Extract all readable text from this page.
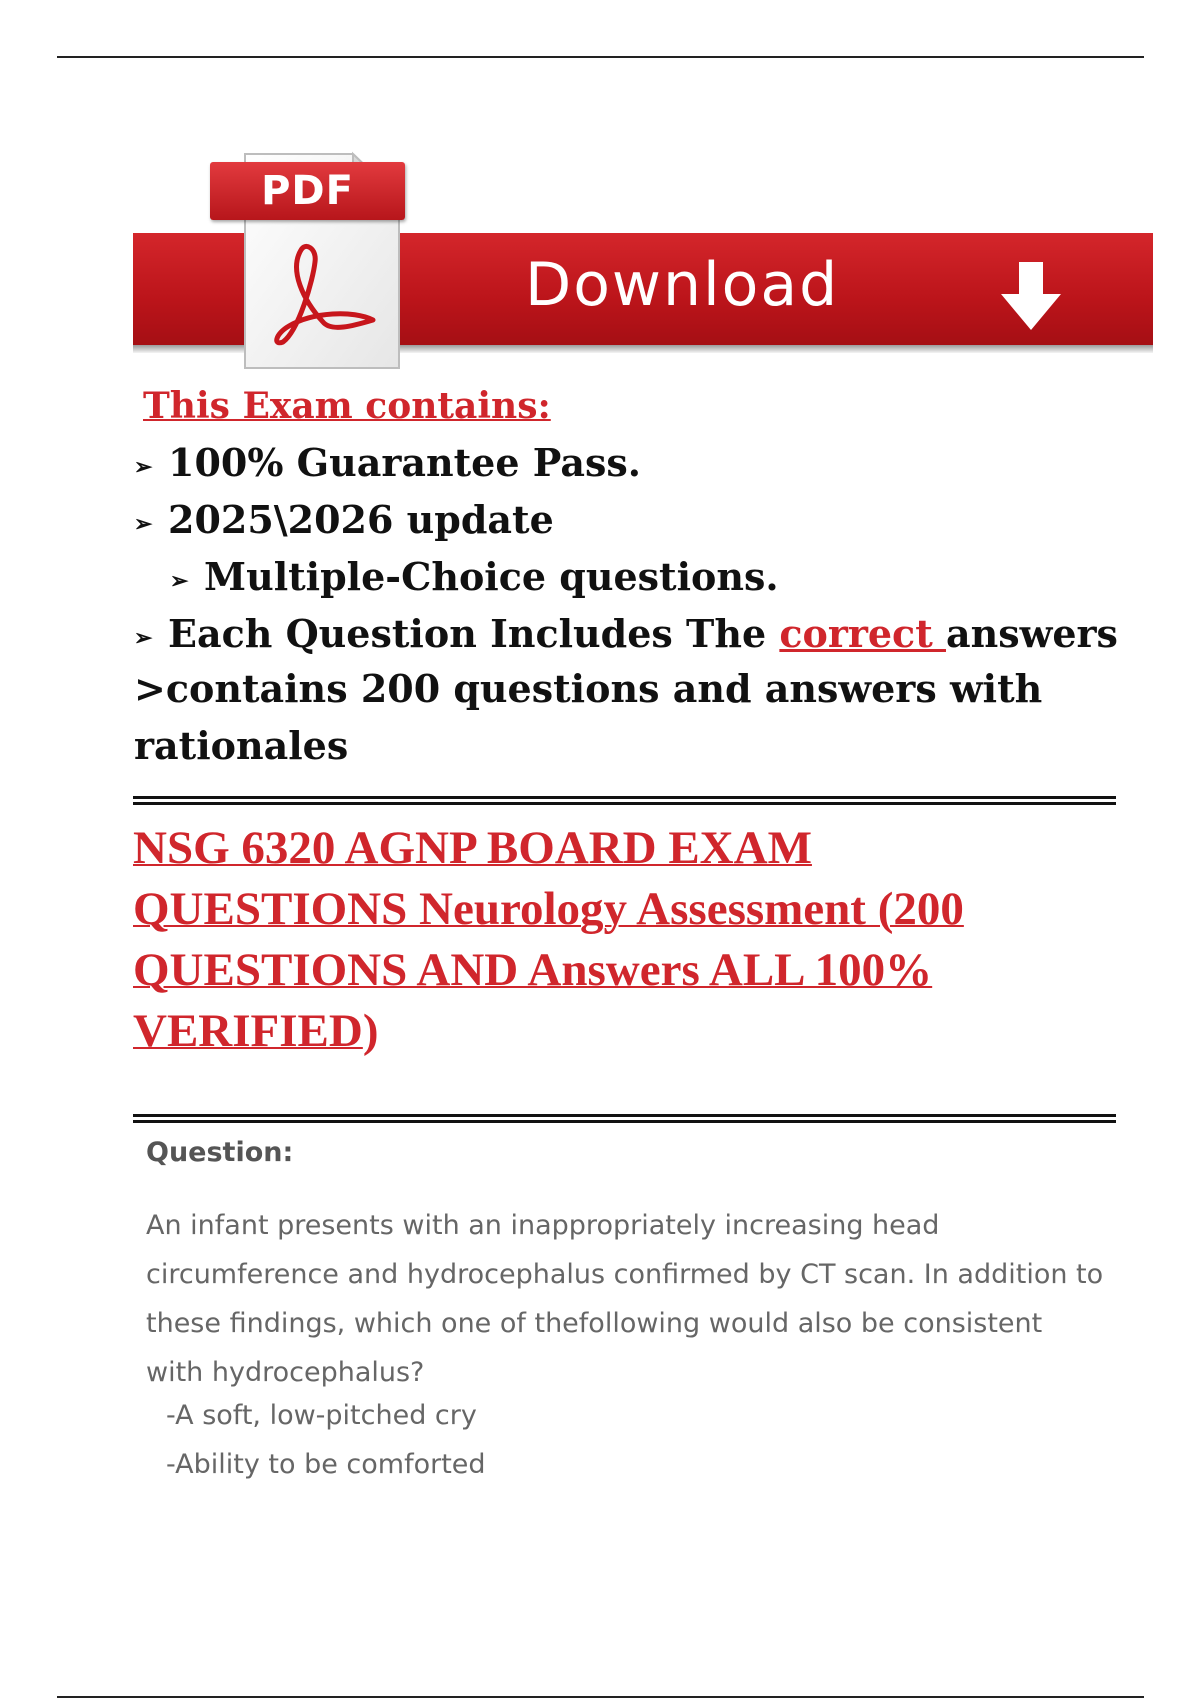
Download
PDF
This Exam contains:
➢ 100% Guarantee Pass.
➢ 2025\2026 update
➢ Multiple-Choice questions.
➢ Each Question Includes The correct answers
>contains 200 questions and answers with
rationales
NSG 6320 AGNP BOARD EXAM
QUESTIONS Neurology Assessment (200
QUESTIONS AND Answers ALL 100%
VERIFIED)
Question:
An infant presents with an inappropriately increasing head circumference and hydrocephalus confirmed by CT scan. In addition to these findings, which one of thefollowing would also be consistent with hydrocephalus?
-A soft, low-pitched cry
-Ability to be comforted
